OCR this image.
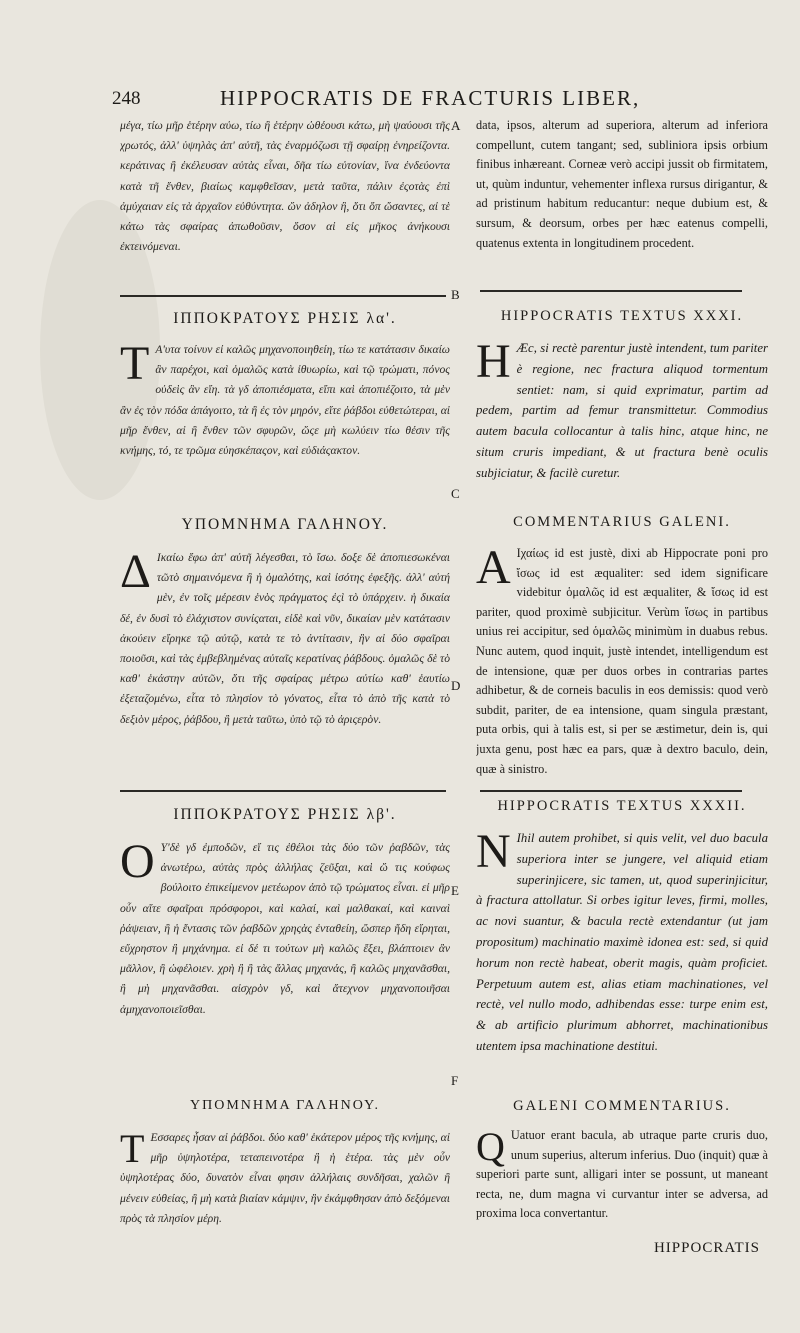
248	HIPPOCRATIS DE FRACTURIS LIBER,
A
B
C
D
E
F

μέγα, τίω μῆρ ἑτέρην αὐω, τίω ἢ ἑτέρην ὠθέουσι κάτω, μὴ ψαύουσι τῆς χρωτός, ἀλλ' ὑψηλὰς ἀπ' αὐτῆ, τὰς ἐναρμόζωσι τῇ σφαίρῃ ἐνηρείζοντα. κεράτινας ἢ ἐκέλευσαν αὐτὰς εἶναι, δῆα τίω εὐτονίαν, ἵνα ἐνδεύοντα κατὰ τῆ ἔνθεν, βιαίως καμφθεῖσαν, μετὰ ταῦτα, πάλιν ἐςοτὰς ἐπὶ ἀμύχαιαν εἰς τὰ ἀρχαῖον εὐθύντητα. ὥν ἀδηλον ἢ, ὅτι ὅπ ὤσαντες, αἰ τὲ κάτω τὰς σφαίρας ἀπωθοῦσιν, ὅσον αἱ εἰς μῆκος ἀνήκουσι ἐκτεινόμεναι.

ΙΠΠΟΚΡΑΤΟΥΣ ΡΗΣΙΣ λα'.
Τ Α'υτα τοίνυν εἰ καλῶς μηχανοποιηθείη, τίω τε κατάτασιν δικαίω ἂν παρέχοι, καὶ ὁμαλῶς κατὰ ἰθυωρίω, καὶ τῷ τρώματι, πόνος οὐδεὶς ἂν εἴη. τὰ γδ ἀποπιέσματα, εἴπι καὶ ἀποπιέζοιτο, τὰ μὲν ἂν ἐς τὸν πόδα ἀπάγοιτο, τὰ ἢ ἐς τὸν μηρόν, εἴτε ῥάβδοι εὐθετώτεραι, αἱ μῆρ ἔνθεν, αἱ ἢ ἔνθεν τῶν σφυρῶν, ὥςε μὴ κωλύειν τίω θέσιν τῆς κνήμης, τό, τε τρῶμα εὐησκέπαςον, καὶ εὐδιάςακτον.

ΥΠΟΜΝΗΜΑ ΓΑΛΗΝΟΥ.
Δ Ικαίω ἔφω ἀπ' αὐτῆ λέγεσθαι, τὸ ἴσω. δοξε δὲ ἀποπιεσωκέναι τῶτὸ σημαινόμενα ἢ ἡ ὁμαλότης, καὶ ἰσότης ἐφεξῆς. ἀλλ' αὐτή μὲν, ἐν τοῖς μέρεσιν ἑνὸς πράγματος ἐςὶ τὸ ὑπάρχειν. ἡ δικαία δέ, ἐν δυσὶ τὸ ἐλάχιστον συνίςαται, εἰδὲ καὶ νῦν, δικαίαν μὲν κατάτασιν ἀκούειν εἴρηκε τῷ αὐτῷ, κατὰ τε τὸ ἀντίτασιν, ἣν αἱ δύο σφαῖραι ποιοῦσι, καὶ τὰς ἐμβεβλημένας αὐταῖς κερατίνας ῥάβδους. ὁμαλῶς δὲ τὸ καθ' ἑκάστην αὐτῶν, ὅτι τῆς σφαίρας μέτρω αὐτίω καθ' ἑαυτίω ἐξεταζομένω, εἶτα τὸ πλησίον τὸ γόνατος, εἶτα τὸ ἀπὸ τῆς κατὰ τὸ δεξιὸν μέρος, ῥάβδου, ἢ μετὰ ταῦτω, ὑπὸ τῷ τὸ ἀριςερὸν.

ΙΠΠΟΚΡΑΤΟΥΣ ΡΗΣΙΣ λβ'.
Ο Υ'δὲ γδ ἐμποδῶν, εἴ τις ἐθέλοι τὰς δύο τῶν ῥαβδῶν, τὰς ἀνωτέρω, αὐτὰς πρὸς ἀλλήλας ζεῦξαι, καὶ ὥ τις κούφως βούλοιτο ἐπικείμενον μετέωρον ἀπὸ τῷ τρώματος εἶναι. εἰ μῆρ οὖν αἵτε σφαῖραι πρόσφοροι, καὶ καλαί, καὶ μαλθακαί, καὶ καιναὶ ῥάψειαν, ἢ ἡ ἔντασις τῶν ῥαβδῶν χρηςὰς ἐνταθείη, ὥσπερ ἤδη εἴρηται, εὔχρηστον ἢ μηχάνημα. εἰ δέ τι τούτων μὴ καλῶς ἔξει, βλάπτοιεν ἂν μᾶλλον, ἢ ὠφέλοιεν. χρὴ ἢ ἢ τὰς ἄλλας μηχανάς, ἢ καλῶς μηχανᾶσθαι, ἢ μὴ μηχανᾶσθαι. αἰσχρὸν γδ, καὶ ἄτεχνον μηχανοποιῆσαι ἀμηχανοποιεῖσθαι.

ΥΠΟΜΝΗΜΑ ΓΑΛΗΝΟΥ.
Τ Εσσαρες ἦσαν αἱ ῥάβδοι. δύο καθ' ἑκάτερον μέρος τῆς κνήμης, αἱ μῆρ ὑψηλοτέρα, τεταπεινοτέρα ἢ ἡ ἑτέρα. τὰς μὲν οὖν ὑψηλοτέρας δύο, δυνατὸν εἶναι φησιν ἀλλήλαις συνδῆσαι, χαλῶν ἢ μένειν εὐθείας, ἢ μὴ κατὰ βιαίαν κάμψιν, ἣν ἐκάμφθησαν ἀπὸ δεξόμεναι πρὸς τὰ πλησίον μέρη.

data, ipsos, alterum ad superiora, alterum ad inferiora compellunt, cutem tangant; sed, subliniora ipsis orbium finibus inhæreant. Corneæ verò accipi jussit ob firmitatem, ut, quùm induntur, vehementer inflexa rursus dirigantur, & ad pristinum habitum reducantur: neque dubium est, & sursum, & deorsum, orbes per hæc eatenus compelli, quatenus extenta in longitudinem procedent.

HIPPOCRATIS TEXTUS XXXI.
H Æc, si rectè parentur justè intendent, tum pariter è regione, nec fractura aliquod tormentum sentiet: nam, si quid exprimatur, partim ad pedem, partim ad femur transmittetur. Commodius autem bacula collocantur à talis hinc, atque hinc, ne situm cruris impediant, & ut fractura benè oculis subjiciatur, & facilè curetur.

COMMENTARIUS GALENI.
A Ιχαίως id est justè, dixi ab Hippocrate poni pro ἴσως id est æqualiter: sed idem significare videbitur ὁμαλῶς id est æqualiter, & ἴσως id est pariter, quod proximè subjicitur. Verùm ἴσως in partibus unius rei accipitur, sed ὁμαλῶς minimùm in duabus rebus. Nunc autem, quod inquit, justè intendet, intelligendum est de intensione, quæ per duos orbes in contrarias partes adhibetur, & de corneis baculis in eos demissis: quod verò subdit, pariter, de ea intensione, quam singula præstant, puta orbis, qui à talis est, si per se æstimetur, dein is, qui juxta genu, post hæc ea pars, quæ à dextro baculo, dein, quæ à sinistro.

HIPPOCRATIS TEXTUS XXXII.
N Ihil autem prohibet, si quis velit, vel duo bacula superiora inter se jungere, vel aliquid etiam superinjicere, sic tamen, ut, quod superinjicitur, à fractura attollatur. Si orbes igitur leves, firmi, molles, ac novi suantur, & bacula rectè extendantur (ut jam propositum) machinatio maximè idonea est: sed, si quid horum non rectè habeat, oberit magis, quàm proficiet. Perpetuum autem est, alias etiam machinationes, vel rectè, vel nullo modo, adhibendas esse: turpe enim est, & ab artificio plurimum abhorret, machinationibus utentem ipsa machinatione destitui.

GALENI COMMENTARIUS.
Q Uatuor erant bacula, ab utraque parte cruris duo, unum superius, alterum inferius. Duo (inquit) quæ à superiori parte sunt, alligari inter se possunt, ut maneant recta, ne, dum magna vi curvantur inter se adversa, ad proxima loca convertantur.

HIPPOCRATIS
